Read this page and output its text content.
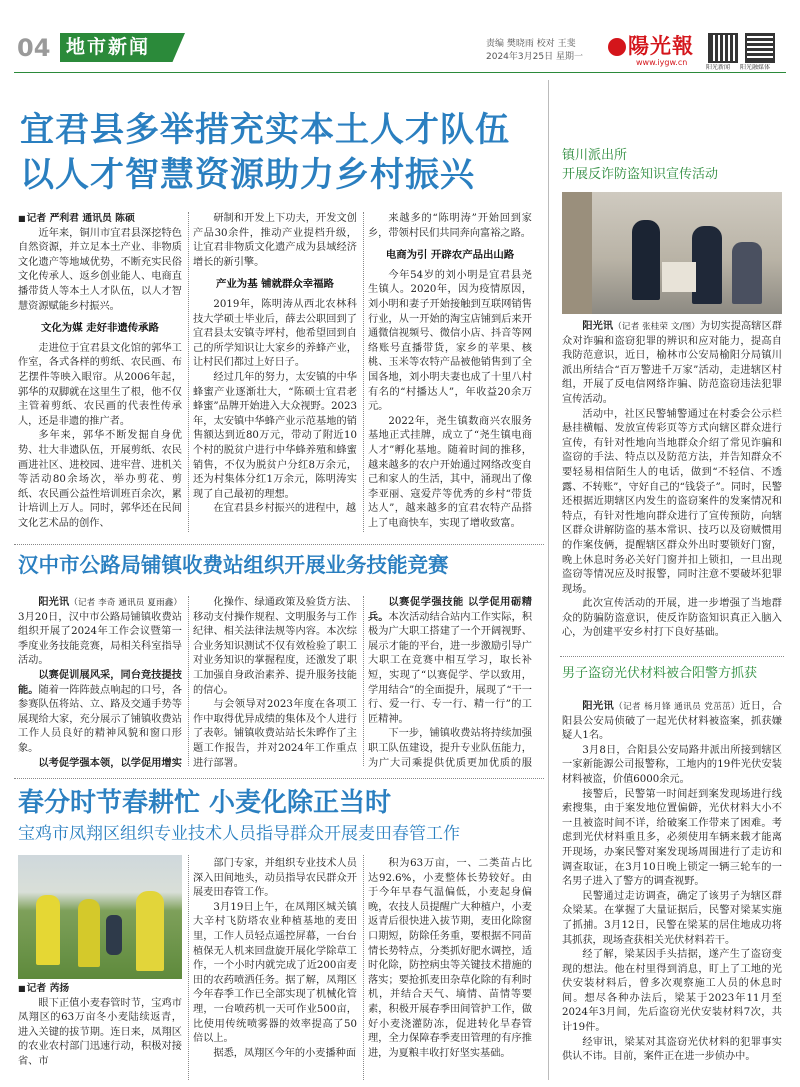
04 地市新闻	责编 樊晓雨 校对 王斐
2024年3月25日 星期一 陽光報
www.iygw.cn
阳光新闻 阳光融媒体
宜君县多举措充实本土人才队伍
以人才智慧资源助力乡村振兴
■ 记者 严利君 通讯员 陈硕

近年来，铜川市宜君县深挖特色自然资源，并立足本土产业、非物质文化遗产等地域优势，不断充实民俗文化传承人、返乡创业能人、电商直播带货人等本土人才队伍，以人才智慧资源赋能乡村振兴。

文化为媒 走好非遗传承路

走进位于宜君县文化馆的郭华工作室，各式各样的剪纸、农民画、布艺摆件等映入眼帘。从2006年起，郭华的双脚就在这里生了根，他不仅主管着剪纸、农民画的代表性传承人，还是非遗的推广者。

多年来，郭华不断发掘自身优势、壮大非遗队伍，开展剪纸、农民画进社区、进校园、进牢营、进机关等活动80余场次，举办剪花、剪纸、农民画公益性培训班百余次，累计培训上万人。同时，郭华还在民间文化艺术品的创作、

研制和开发上下功夫，开发文创产品30余件，推动产业提档升级，让宜君非物质文化遗产成为县域经济增长的新引擎。

产业为基 铺就群众幸福路

2019年，陈明涛从西北农林科技大学硕士毕业后，薛去公职回到了宜君县太安镇寺坪村，他希望回到自己的所学知识让大家乡的养蜂产业，让村民们都过上好日子。

经过几年的努力，太安镇的中华蜂蜜产业逐渐壮大，“陈硕士宜君老蜂蜜”品牌开始进入大众视野。2023年，太安镇中华蜂产业示范基地的销售额达到近80万元，带动了附近10个村的脱贫户进行中华蜂养殖和蜂蜜销售，不仅为脱贫户分红8万余元，还为村集体分红1万余元，陈明涛实现了自己最初的理想。

在宜君县乡村振兴的进程中，越

来越多的“陈明涛”开始回到家乡，带领村民们共同奔向富裕之路。

电商为引 开辟农产品出山路

今年54岁的刘小明是宜君县尧生镇人。2020年，因为疫情原因，刘小明和妻子开始接触到互联网销售行业，从一开始的淘宝店铺到后来开通微信视频号、微信小店、抖音等网络账号直播带货，家乡的苹果、核桃、玉米等农特产品被他销售到了全国各地，刘小明夫妻也成了十里八村有名的“村播达人”，年收益20余万元。

2022年，尧生镇数商兴农服务基地正式挂牌，成立了“尧生镇电商人才”孵化基地。随着时间的推移，越来越多的农户开始通过网络改变自己和家人的生活，其中，涌现出了像李亚丽、寇爱芹等优秀的乡村“带货达人”，越来越多的宜君农特产品搭上了电商快车，实现了增收致富。

镇川派出所
开展反诈防盗知识宣传活动

阳光讯（记者 张桂荣 文/图）为切实提高辖区群众对诈骗和盗窃犯罪的辨识和应对能力，提高自我防范意识，近日，榆林市公安局榆阳分局镇川派出所结合“百万警进千万家”活动，走进辖区村组，开展了反电信网络诈骗、防范盗窃违法犯罪宣传活动。

活动中，社区民警辅警通过在村委会公示栏悬挂横幅、发放宣传彩页等方式向辖区群众进行宣传，有针对性地向当地群众介绍了常见诈骗和盗窃的手法、特点以及防范方法，并告知群众不要轻易相信陌生人的电话，做到“不轻信、不透露、不转账”，守好自己的“钱袋子”。同时，民警还根据近期辖区内发生的盗窃案件的发案情况和特点，有针对性地向群众进行了宣传预防，向辖区群众讲解防盗的基本常识、技巧以及窃贼惯用的作案伎俩，提醒辖区群众外出时要锁好门窗，晚上休息时务必关好门窗并扣上锁扣，一旦出现盗窃等情况应及时报警，同时注意不要破坏犯罪现场。

此次宣传活动的开展，进一步增强了当地群众的防骗防盗意识，使反诈防盗知识真正入脑入心，为创建平安乡村打下良好基础。

男子盗窃光伏材料被合阳警方抓获

阳光讯（记者 杨月锋 通讯员 党茁茁）近日，合阳县公安局侦破了一起光伏材料被盗案，抓获嫌疑人1名。

3月8日，合阳县公安局路井派出所接到辖区一家新能源公司报警称，工地内的19件光伏安装材料被盗，价值6000余元。

接警后，民警第一时间赶到案发现场进行线索搜集，由于案发地位置偏僻，光伏材料大小不一且被盗时间不详，给破案工作带来了困难。考虑到光伏材料重且多，必须使用车辆来载才能离开现场，办案民警对案发现场周围进行了走访和调查取证，在3月10日晚上锁定一辆三轮车的一名男子进入了警方的调查视野。

民警通过走访调查，确定了该男子为辖区群众梁某。在掌握了大量证据后，民警对梁某实施了抓捕。3月12日，民警在梁某的居住地成功将其抓获，现场查获相关光伏材料若干。

经了解，梁某因手头拮据，遂产生了盗窃变现的想法。他在村里得到消息，盯上了工地的光伏安装材料后，曾多次观察施工人员的休息时间。想尽各种办法后，梁某于2023年11月至2024年3月间，先后盗窃光伏安装材料7次，共计19件。

经审讯，梁某对其盗窃光伏材料的犯罪事实供认不讳。目前，案件正在进一步侦办中。

汉中市公路局铺镇收费站组织开展业务技能竞赛

阳光讯（记者 李奇 通讯员 夏雨鑫）3月20日，汉中市公路局铺镇收费站组织开展了2024年工作会议暨第一季度业务技能竞赛，局相关科室指导活动。

以赛促训展风采，同台竞技提技能。随着一阵阵鼓点响起的口号，各参赛队伍将站、立、路及交通手势等展现给大家，充分展示了铺镇收费站工作人员良好的精神风貌和窗口形象。

以考促学强本领，以学促用增实

化操作、绿通政策及验货方法、移动支付操作规程、文明服务与工作纪律、相关法律法规等内容。本次综合业务知识测试不仅有效检验了职工对业务知识的掌握程度，还激发了职工加强自身政治素养、提升服务技能的信心。

与会领导对2023年度在各项工作中取得优异成绩的集体及个人进行了表彰。铺镇收费站站长朱晔作了主题工作报告，并对2024年工作重点进行部署。

以赛促学强技能 以学促用砺精兵。本次活动结合站内工作实际，积极为广大职工搭建了一个开阔视野、展示才能的平台，进一步激励引导广大职工在竞赛中相互学习，取长补短，实现了“以赛促学、学以致用，学用结合”的全面提升，展现了“干一行、爱一行、专一行、精一行”的工匠精神。

下一步，铺镇收费站将持续加强职工队伍建设，提升专业队伍能力，为广大司乘提供优质更加优质的服

春分时节春耕忙 小麦化除正当时
宝鸡市凤翔区组织专业技术人员指导群众开展麦田春管工作
■ 记者 芮扬

眼下正值小麦春管时节，宝鸡市凤翔区的63万亩冬小麦陆续返青，进入关键的拔节期。连日来，凤翔区的农业农村部门迅速行动，积极对接省、市

部门专家，并组织专业技术人员深入田间地头，动员指导农民群众开展麦田春管工作。

3月19日上午，在凤翔区城关镇大辛村飞防塔农业种植基地的麦田里，工作人员轻点遥控屏幕，一台台植保无人机来回盘旋开展化学除草工作，一个小时内就完成了近200亩麦田的农药喷洒任务。据了解，凤翔区今年春季工作已全部实现了机械化管理，一台喷药机一天可作业500亩，比使用传统喷雾器的效率提高了50倍以上。

据悉，凤翔区今年的小麦播种面

积为63万亩，一、二类苗占比达92.6%，小麦整体长势较好。由于今年早春气温偏低，小麦起身偏晚，农技人员提醒广大种植户，小麦返青后很快进入拔节期，麦田化除窗口期短，防除任务重，要根据不同苗情长势特点，分类抓好肥水调控，适时化除，防控病虫等关键技术措施的落实；要抢抓麦田杂草化除的有利时机，并结合天气、墒情、苗情等要素，积极开展春季田间管护工作，做好小麦浇灌防冻，促进转化旱春管理，全力保障春季麦田管理的有序推进，为夏粮丰收打好坚实基础。
